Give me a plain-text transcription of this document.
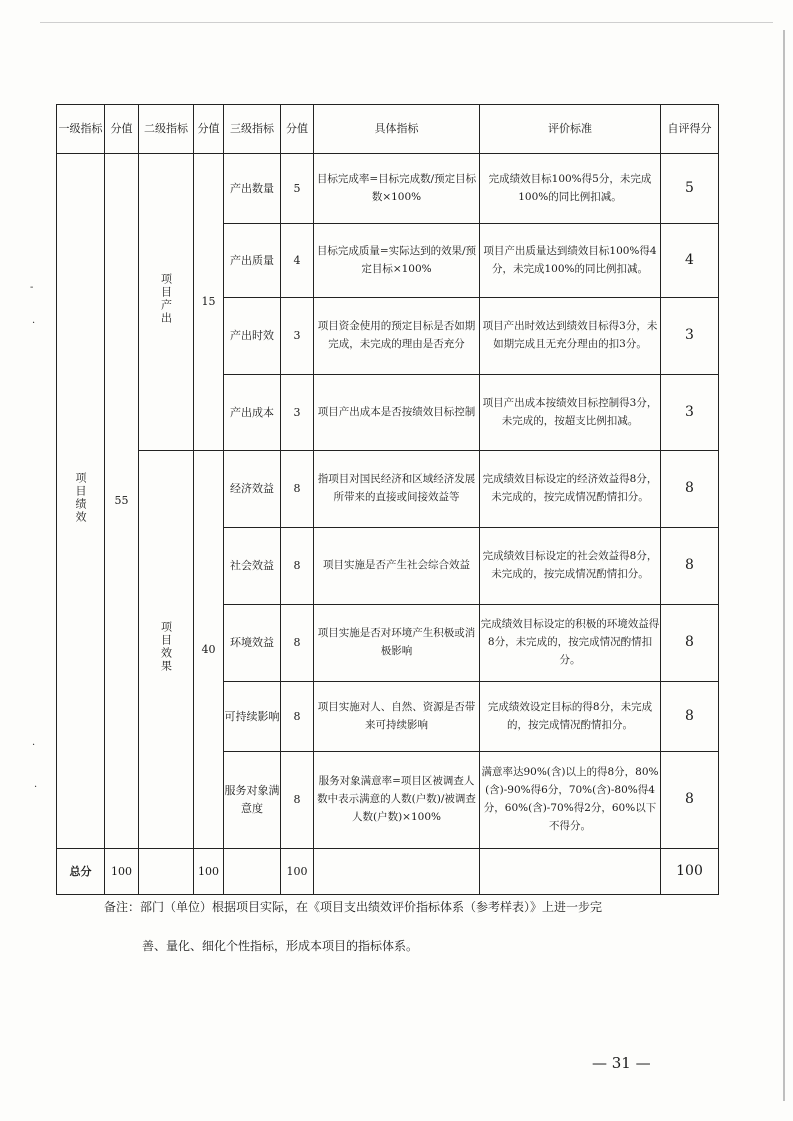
-
·
·
·
一级指标	分值	二级指标	分值	三级指标	分值	具体指标	评价标准	自评得分
项目绩效	55	项目产出	15	产出数量	5	目标完成率=目标完成数/预定目标数×100%	完成绩效目标100%得5分，未完成100%的同比例扣减。	5
				产出质量	4	目标完成质量=实际达到的效果/预定目标×100%	项目产出质量达到绩效目标100%得4分，未完成100%的同比例扣减。	4
				产出时效	3	项目资金使用的预定目标是否如期完成，未完成的理由是否充分	项目产出时效达到绩效目标得3分，未如期完成且无充分理由的扣3分。	3
				产出成本	3	项目产出成本是否按绩效目标控制	项目产出成本按绩效目标控制得3分，未完成的，按超支比例扣减。	3
		项目效果	40	经济效益	8	指项目对国民经济和区域经济发展所带来的直接或间接效益等	完成绩效目标设定的经济效益得8分，未完成的，按完成情况酌情扣分。	8
				社会效益	8	项目实施是否产生社会综合效益	完成绩效目标设定的社会效益得8分，未完成的，按完成情况酌情扣分。	8
				环境效益	8	项目实施是否对环境产生积极或消极影响	完成绩效目标设定的积极的环境效益得8分，未完成的，按完成情况酌情扣分。	8
				可持续影响	8	项目实施对人、自然、资源是否带来可持续影响	完成绩效设定目标的得8分，未完成的，按完成情况酌情扣分。	8
				服务对象满意度	8	服务对象满意率=项目区被调查人数中表示满意的人数(户数)/被调查人数(户数)×100%	满意率达90%(含)以上的得8分，80%(含)-90%得6分，70%(含)-80%得4分，60%(含)-70%得2分，60%以下不得分。	8
总分	100		100		100			100
备注：部门（单位）根据项目实际，在《项目支出绩效评价指标体系（参考样表）》上进一步完
善、量化、细化个性指标，形成本项目的指标体系。
— 31 —
